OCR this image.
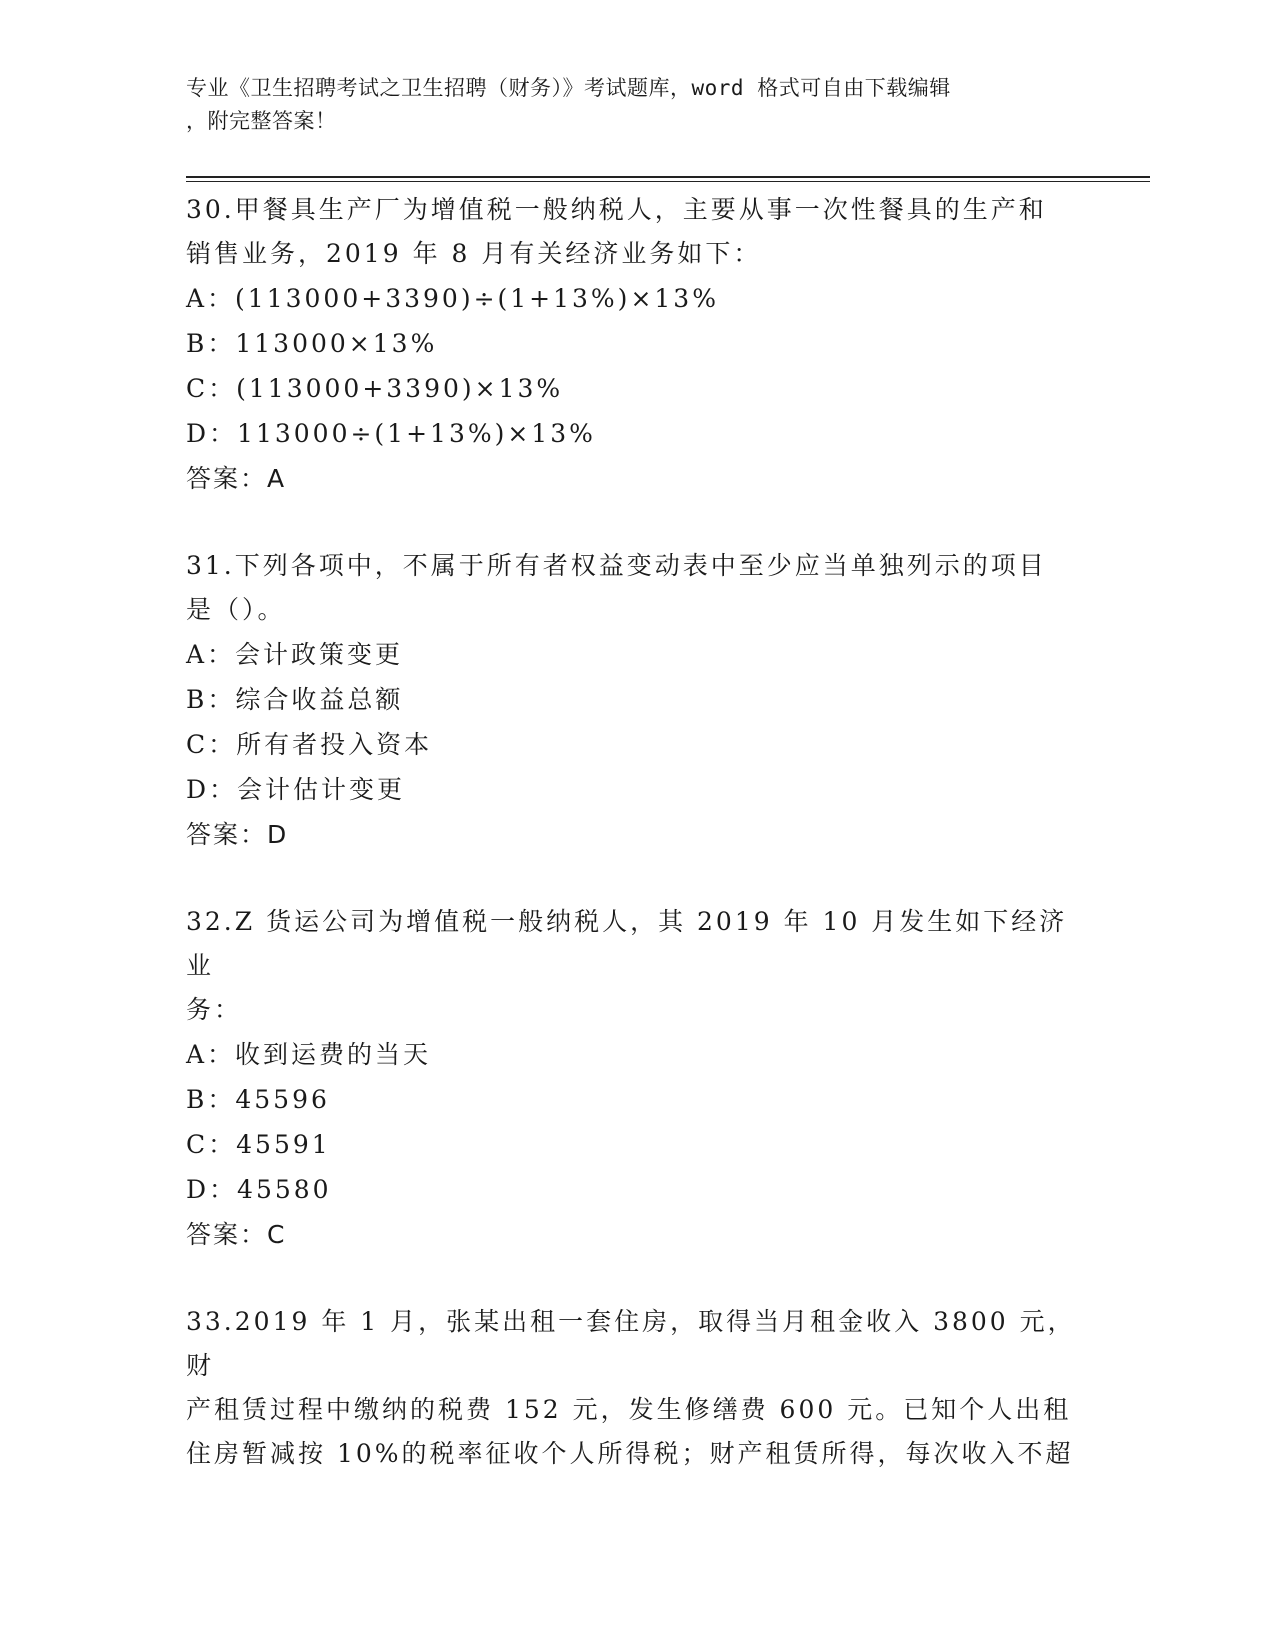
专业《卫生招聘考试之卫生招聘（财务）》考试题库，word 格式可自由下载编辑
，附完整答案！
30.甲餐具生产厂为增值税一般纳税人，主要从事一次性餐具的生产和
销售业务，2019 年 8 月有关经济业务如下：
A：(113000+3390)÷(1+13%)×13%
B：113000×13%
C：(113000+3390)×13%
D：113000÷(1+13%)×13%
答案：A
31.下列各项中，不属于所有者权益变动表中至少应当单独列示的项目
是（）。
A：会计政策变更
B：综合收益总额
C：所有者投入资本
D：会计估计变更
答案：D
32.Z 货运公司为增值税一般纳税人，其 2019 年 10 月发生如下经济业
务：
A：收到运费的当天
B：45596
C：45591
D：45580
答案：C
33.2019 年 1 月，张某出租一套住房，取得当月租金收入 3800 元，财
产租赁过程中缴纳的税费 152 元，发生修缮费 600 元。已知个人出租
住房暂减按 10%的税率征收个人所得税；财产租赁所得，每次收入不超
